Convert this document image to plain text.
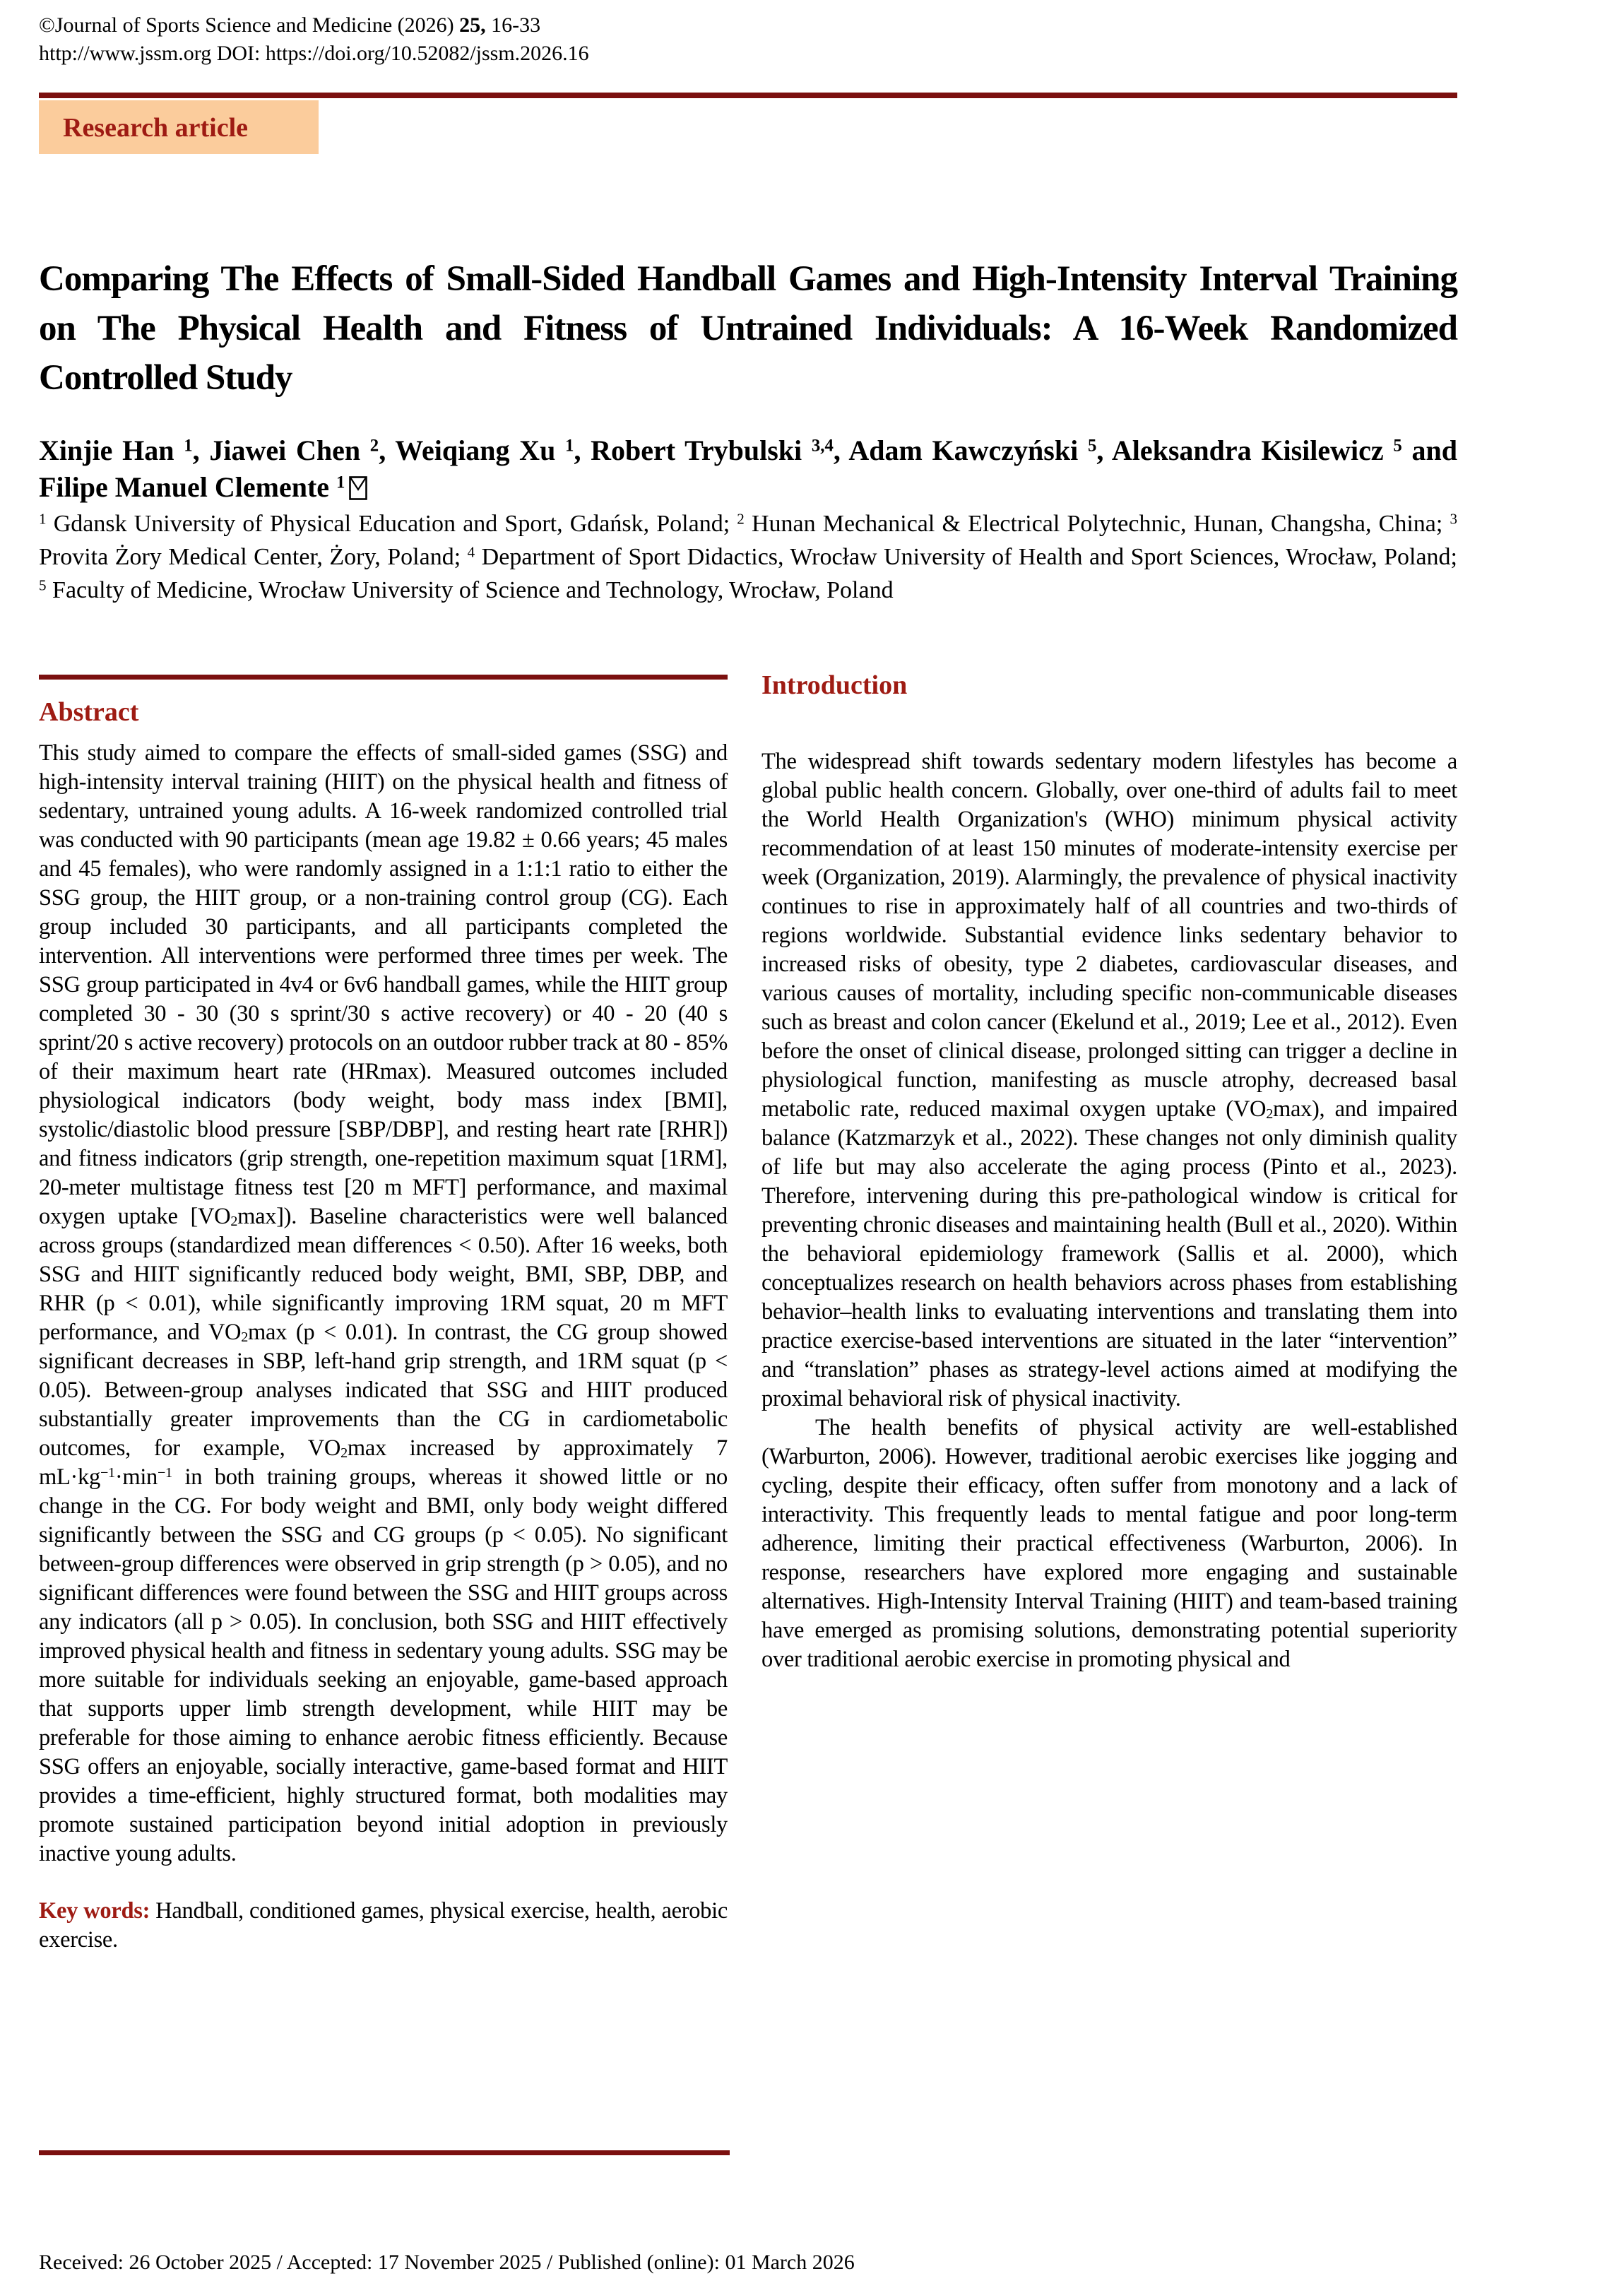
©Journal of Sports Science and Medicine (2026) 25, 16-33
http://www.jssm.org DOI: https://doi.org/10.52082/jssm.2026.16
Research article
Comparing The Effects of Small-Sided Handball Games and High-Intensity Interval Training on The Physical Health and Fitness of Untrained Individuals: A 16-Week Randomized Controlled Study
Xinjie Han $^1$, Jiawei Chen $^2$, Weiqiang Xu $^1$, Robert Trybulski $^{3,4}$, Adam Kawczyński $^5$, Aleksandra Kisilewicz $^5$ and Filipe Manuel Clemente $^1$
$^1$ Gdansk University of Physical Education and Sport, Gdańsk, Poland; $^2$ Hunan Mechanical & Electrical Polytechnic, Hunan, Changsha, China; $^3$ Provita Żory Medical Center, Żory, Poland; $^4$ Department of Sport Didactics, Wrocław University of Health and Sport Sciences, Wrocław, Poland; $^5$ Faculty of Medicine, Wrocław University of Science and Technology, Wrocław, Poland
Abstract
This study aimed to compare the effects of small-sided games (SSG) and high-intensity interval training (HIIT) on the physical health and fitness of sedentary, untrained young adults. A 16-week randomized controlled trial was conducted with 90 participants (mean age 19.82 ± 0.66 years; 45 males and 45 females), who were randomly assigned in a 1:1:1 ratio to either the SSG group, the HIIT group, or a non-training control group (CG). Each group included 30 participants, and all participants completed the intervention. All interventions were performed three times per week. The SSG group participated in 4v4 or 6v6 handball games, while the HIIT group completed 30 - 30 (30 s sprint/30 s active recovery) or 40 - 20 (40 s sprint/20 s active recovery) protocols on an outdoor rubber track at 80 - 85% of their maximum heart rate (HRmax). Measured outcomes included physiological indicators (body weight, body mass index [BMI], systolic/diastolic blood pressure [SBP/DBP], and resting heart rate [RHR]) and fitness indicators (grip strength, one-repetition maximum squat [1RM], 20-meter multistage fitness test [20 m MFT] performance, and maximal oxygen uptake $[VO_2\max]$). Baseline characteristics were well balanced across groups (standardized mean differences < 0.50). After 16 weeks, both SSG and HIIT significantly reduced body weight, BMI, SBP, DBP, and RHR (p < 0.01), while significantly improving 1RM squat, 20 m MFT performance, and $VO_2\max$ (p < 0.01). In contrast, the CG group showed significant decreases in SBP, left-hand grip strength, and 1RM squat (p < 0.05). Between-group analyses indicated that SSG and HIIT produced substantially greater improvements than the CG in cardiometabolic outcomes, for example, $VO_2\max$ increased by approximately 7 $mL\cdot kg^{-1}\cdot\min^{-1}$ in both training groups, whereas it showed little or no change in the CG. For body weight and BMI, only body weight differed significantly between the SSG and CG groups (p < 0.05). No significant between-group differences were observed in grip strength (p > 0.05), and no significant differences were found between the SSG and HIIT groups across any indicators (all p > 0.05). In conclusion, both SSG and HIIT effectively improved physical health and fitness in sedentary young adults. SSG may be more suitable for individuals seeking an enjoyable, game-based approach that supports upper limb strength development, while HIIT may be preferable for those aiming to enhance aerobic fitness efficiently. Because SSG offers an enjoyable, socially interactive, game-based format and HIIT provides a time-efficient, highly structured format, both modalities may promote sustained participation beyond initial adoption in previously inactive young adults.
Key words: Handball, conditioned games, physical exercise, health, aerobic exercise.
Introduction
The widespread shift towards sedentary modern lifestyles has become a global public health concern. Globally, over one-third of adults fail to meet the World Health Organization's (WHO) minimum physical activity recommendation of at least 150 minutes of moderate-intensity exercise per week (Organization, 2019). Alarmingly, the prevalence of physical inactivity continues to rise in approximately half of all countries and two-thirds of regions worldwide. Substantial evidence links sedentary behavior to increased risks of obesity, type 2 diabetes, cardiovascular diseases, and various causes of mortality, including specific non-communicable diseases such as breast and colon cancer (Ekelund et al., 2019; Lee et al., 2012). Even before the onset of clinical disease, prolonged sitting can trigger a decline in physiological function, manifesting as muscle atrophy, decreased basal metabolic rate, reduced maximal oxygen uptake $(VO_2\max)$, and impaired balance (Katzmarzyk et al., 2022). These changes not only diminish quality of life but may also accelerate the aging process (Pinto et al., 2023). Therefore, intervening during this pre-pathological window is critical for preventing chronic diseases and maintaining health (Bull et al., 2020). Within the behavioral epidemiology framework (Sallis et al. 2000), which conceptualizes research on health behaviors across phases from establishing behavior–health links to evaluating interventions and translating them into practice exercise-based interventions are situated in the later “intervention” and “translation” phases as strategy-level actions aimed at modifying the proximal behavioral risk of physical inactivity.
The health benefits of physical activity are well-established (Warburton, 2006). However, traditional aerobic exercises like jogging and cycling, despite their efficacy, often suffer from monotony and a lack of interactivity. This frequently leads to mental fatigue and poor long-term adherence, limiting their practical effectiveness (Warburton, 2006). In response, researchers have explored more engaging and sustainable alternatives. High-Intensity Interval Training (HIIT) and team-based training have emerged as promising solutions, demonstrating potential superiority over traditional aerobic exercise in promoting physical and
Received: 26 October 2025 / Accepted: 17 November 2025 / Published (online): 01 March 2026
